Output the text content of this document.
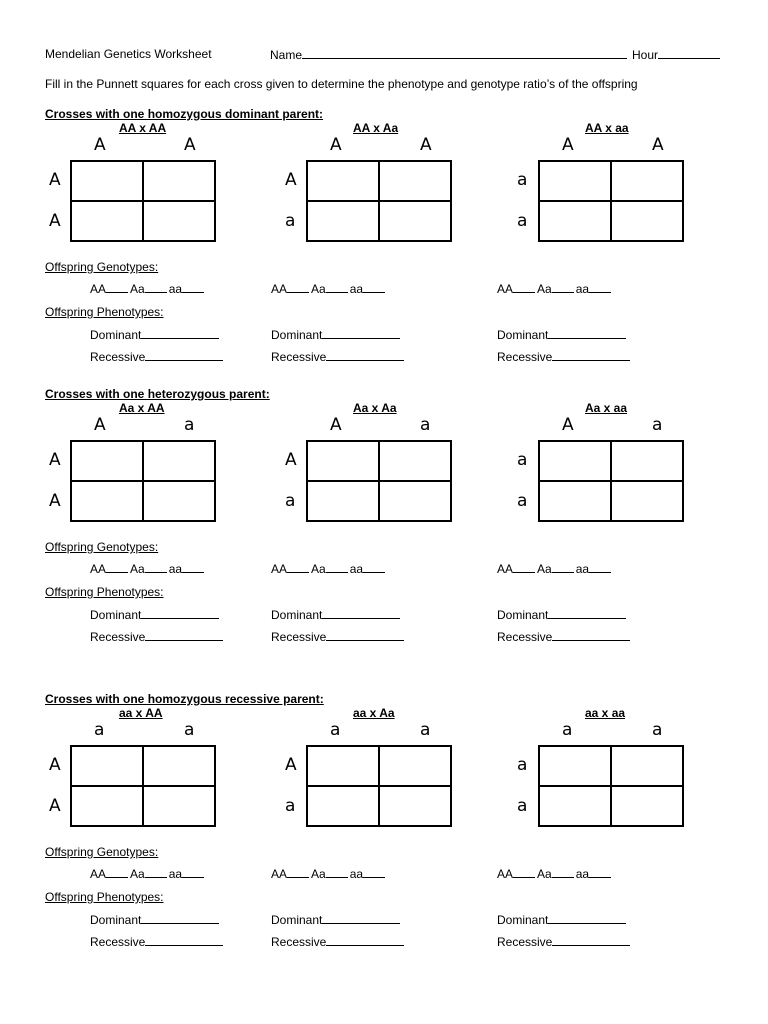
Mendelian Genetics Worksheet	Name	Hour
Fill in the Punnett squares for each cross given to determine the phenotype and genotype ratio’s of the offspring
Crosses with one homozygous dominant parent:
AA x AA
A	A
A
A
Offspring Genotypes:
Offspring Phenotypes:
AA Aa aa
Dominant
Recessive
AA x Aa
A	A
A
a
AA Aa aa
Dominant
Recessive
AA x aa
A	A
a
a
AA Aa aa
Dominant
Recessive
Crosses with one heterozygous parent:
Aa x AA
A	a
A
A
Offspring Genotypes:
Offspring Phenotypes:
AA Aa aa
Dominant
Recessive
Aa x Aa
A	a
A
a
AA Aa aa
Dominant
Recessive
Aa x aa
A	a
a
a
AA Aa aa
Dominant
Recessive
Crosses with one homozygous recessive parent:
aa x AA
a	a
A
A
Offspring Genotypes:
Offspring Phenotypes:
AA Aa aa
Dominant
Recessive
aa x Aa
a	a
A
a
AA Aa aa
Dominant
Recessive
aa x aa
a	a
a
a
AA Aa aa
Dominant
Recessive
